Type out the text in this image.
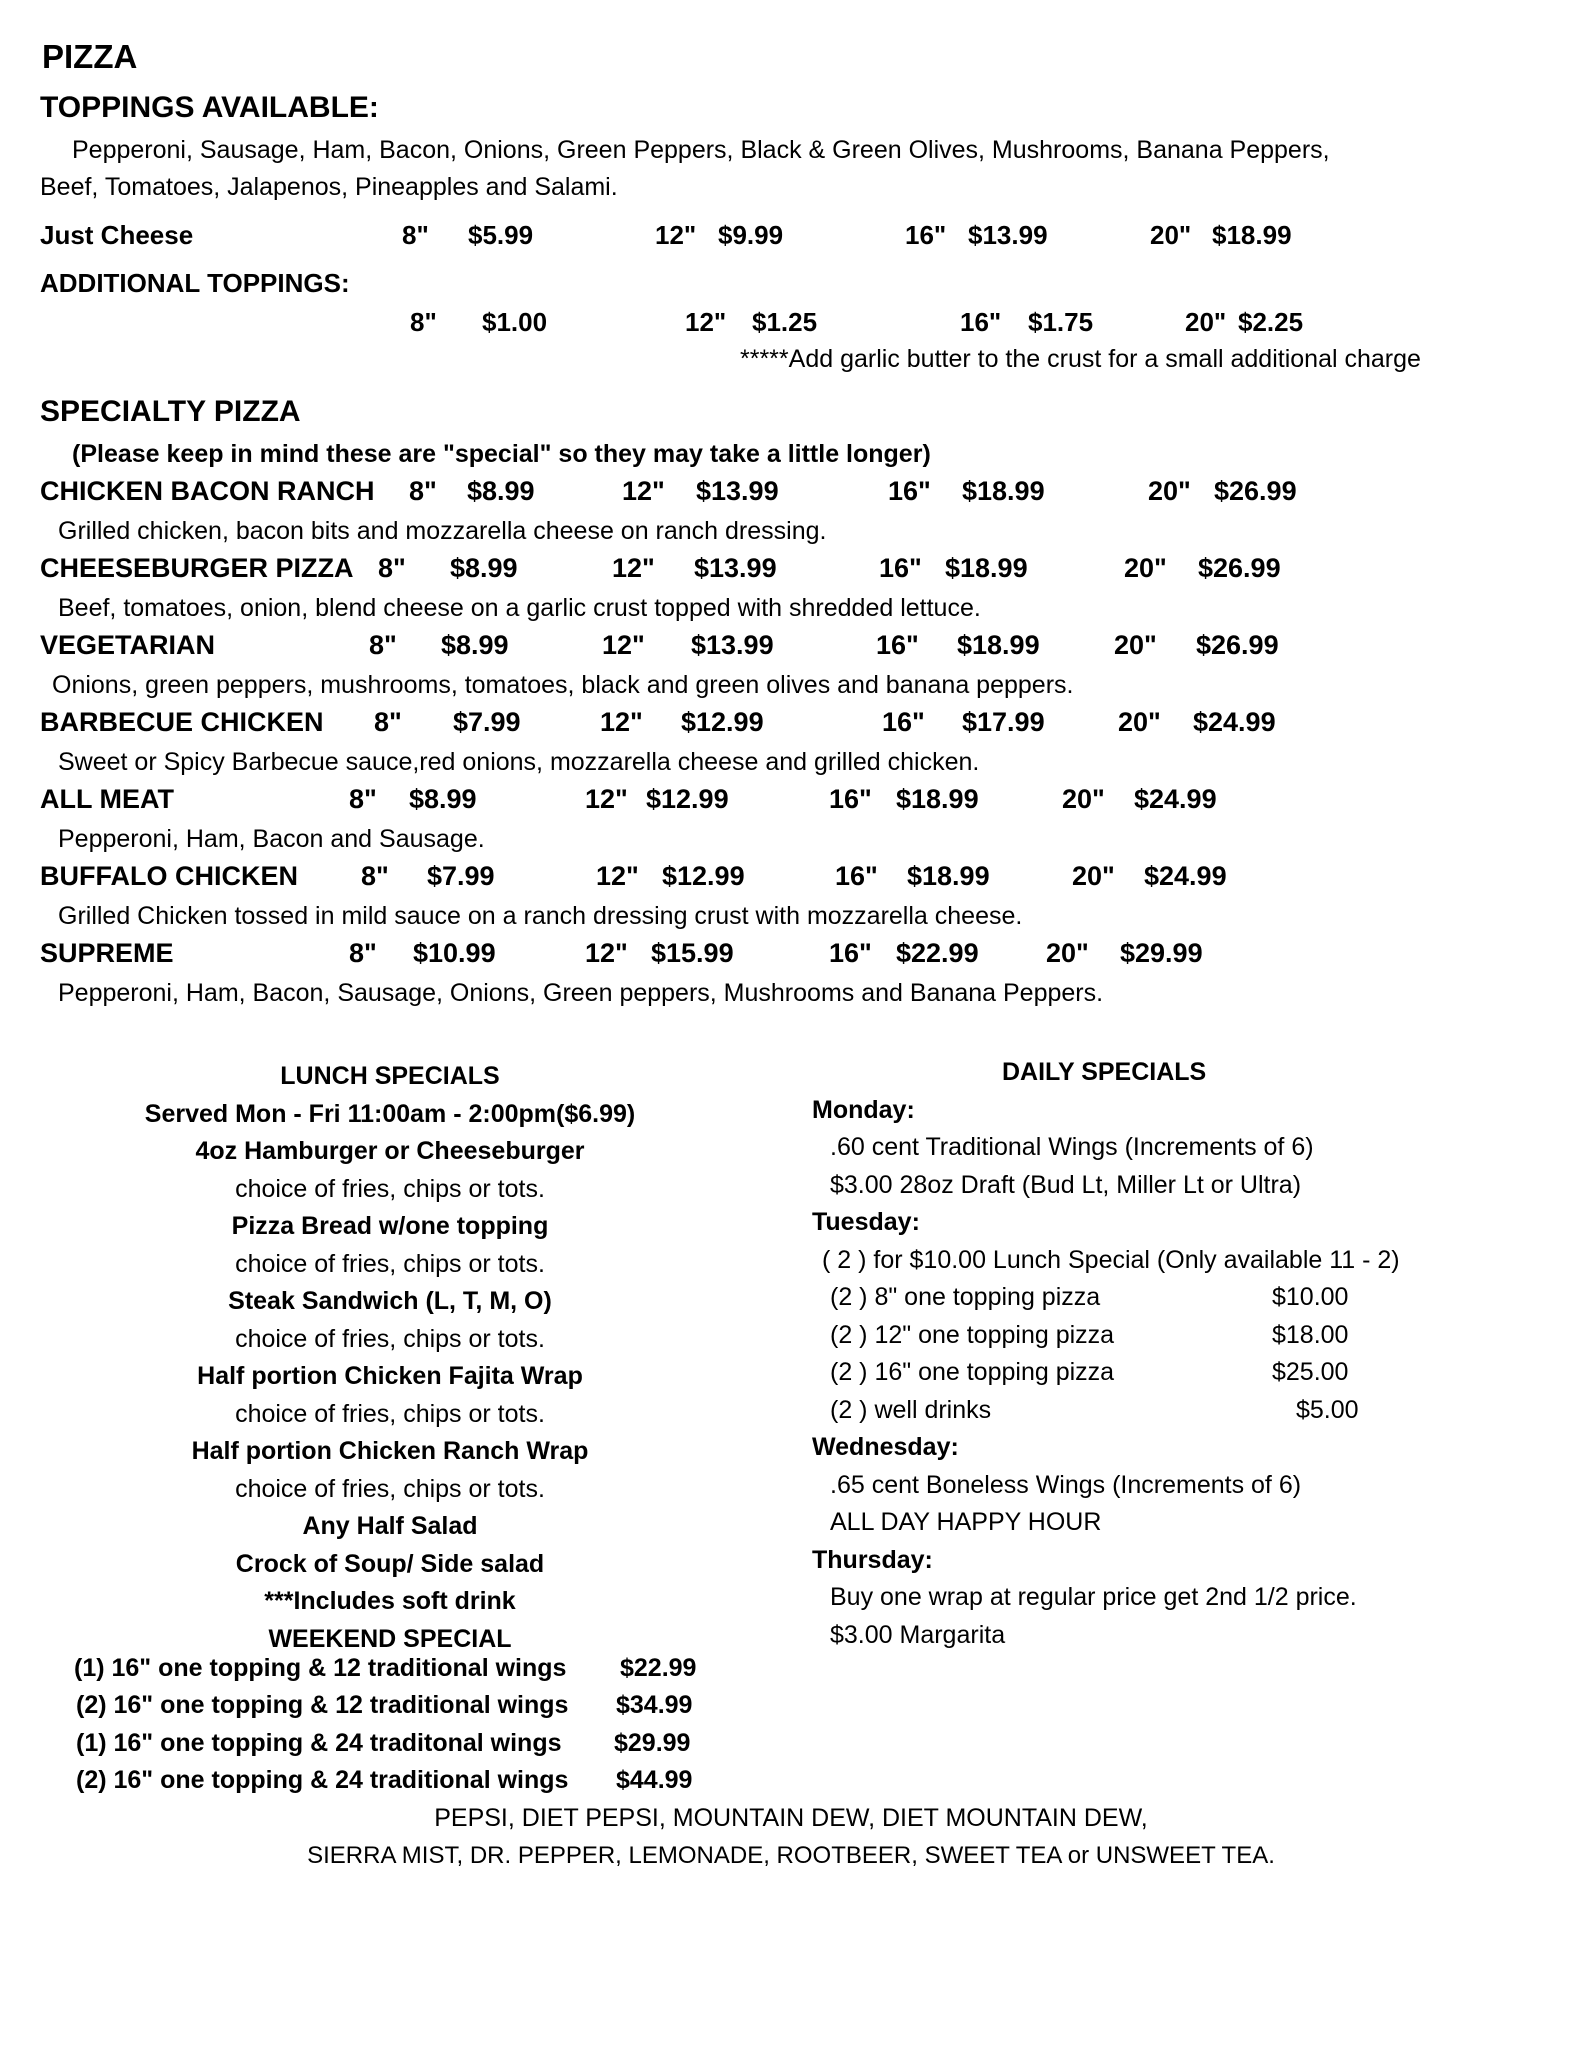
PIZZA
TOPPINGS AVAILABLE:
Pepperoni, Sausage, Ham, Bacon, Onions, Green Peppers, Black & Green Olives, Mushrooms, Banana Peppers,
Beef, Tomatoes, Jalapenos, Pineapples and Salami.
Just Cheese	8" $5.99	12" $9.99	16" $13.99	20" $18.99
ADDITIONAL TOPPINGS:
8" $1.00	12" $1.25	16" $1.75	20" $2.25
*****Add garlic butter to the crust for a small additional charge
SPECIALTY PIZZA
(Please keep in mind these are "special" so they may take a little longer)
CHICKEN BACON RANCH 8" $8.99	12" $13.99	16" $18.99	20" $26.99
Grilled chicken, bacon bits and mozzarella cheese on ranch dressing.
CHEESEBURGER PIZZA 8" $8.99	12" $13.99	16" $18.99	20" $26.99
Beef, tomatoes, onion, blend cheese on a garlic crust topped with shredded lettuce.
VEGETARIAN	8" $8.99	12" $13.99	16" $18.99	20" $26.99
Onions, green peppers, mushrooms, tomatoes, black and green olives and banana peppers.
BARBECUE CHICKEN 8" $7.99	12" $12.99	16" $17.99	20" $24.99
Sweet or Spicy Barbecue sauce,red onions, mozzarella cheese and grilled chicken.
ALL MEAT	8" $8.99	12" $12.99	16" $18.99	20" $24.99
Pepperoni, Ham, Bacon and Sausage.
BUFFALO CHICKEN 8" $7.99	12" $12.99	16" $18.99	20" $24.99
Grilled Chicken tossed in mild sauce on a ranch dressing crust with mozzarella cheese.
SUPREME	8" $10.99	12" $15.99	16" $22.99 20" $29.99
Pepperoni, Ham, Bacon, Sausage, Onions, Green peppers, Mushrooms and Banana Peppers.
LUNCH SPECIALS
Served Mon - Fri 11:00am - 2:00pm($6.99)
4oz Hamburger or Cheeseburger
choice of fries, chips or tots.
Pizza Bread w/one topping
choice of fries, chips or tots.
Steak Sandwich (L, T, M, O)
choice of fries, chips or tots.
Half portion Chicken Fajita Wrap
choice of fries, chips or tots.
Half portion Chicken Ranch Wrap
choice of fries, chips or tots.
Any Half Salad
Crock of Soup/ Side salad
***Includes soft drink
WEEKEND SPECIAL
(1) 16" one topping & 12 traditional wings $22.99
(2) 16" one topping & 12 traditional wings $34.99
(1) 16" one topping & 24 traditonal wings $29.99
(2) 16" one topping & 24 traditional wings $44.99
DAILY SPECIALS
Monday:
.60 cent Traditional Wings (Increments of 6)
$3.00 28oz Draft (Bud Lt, Miller Lt or Ultra)
Tuesday:
( 2 ) for $10.00 Lunch Special (Only available 11 - 2)
(2 ) 8" one topping pizza	$10.00
(2 ) 12" one topping pizza	$18.00
(2 ) 16" one topping pizza	$25.00
(2 ) well drinks	$5.00
Wednesday:
.65 cent Boneless Wings (Increments of 6)
ALL DAY HAPPY HOUR
Thursday:
Buy one wrap at regular price get 2nd 1/2 price.
$3.00 Margarita
PEPSI, DIET PEPSI, MOUNTAIN DEW, DIET MOUNTAIN DEW,
SIERRA MIST, DR. PEPPER, LEMONADE, ROOTBEER, SWEET TEA or UNSWEET TEA.
